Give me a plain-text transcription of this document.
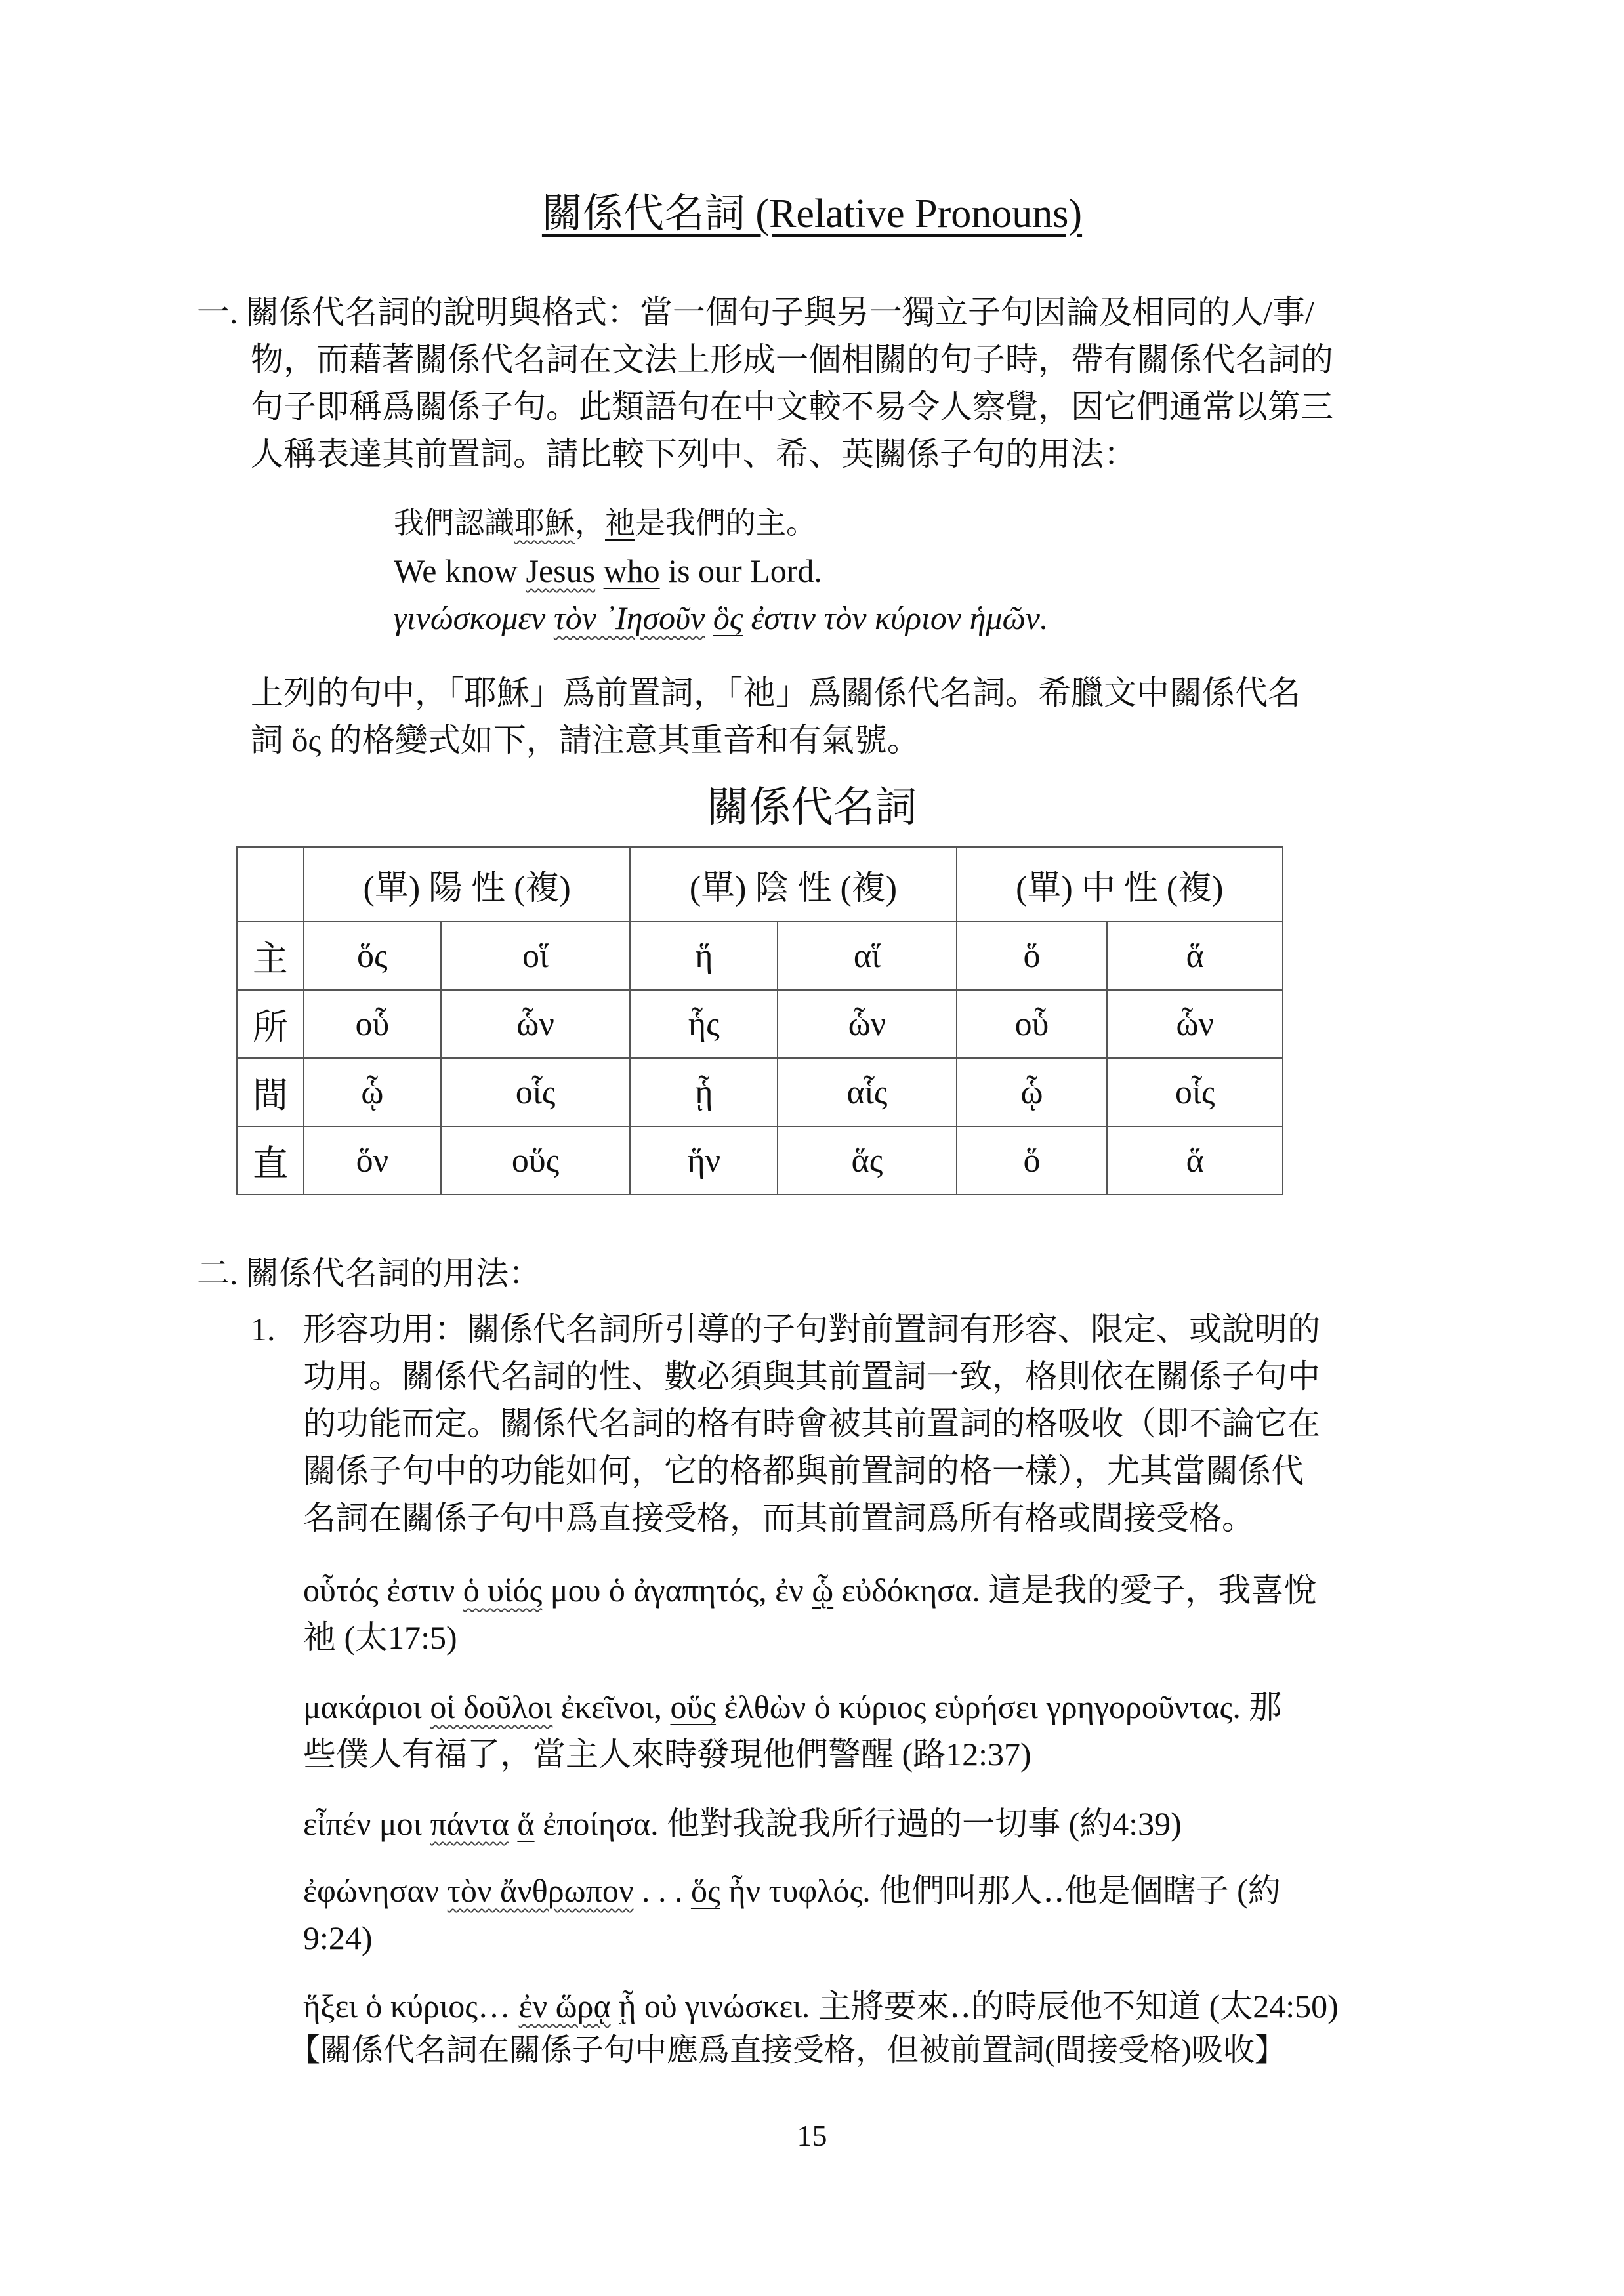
關係代名詞 (Relative Pronouns)
一. 關係代名詞的說明與格式：當一個句子與另一獨立子句因論及相同的人/事/
物，而藉著關係代名詞在文法上形成一個相關的句子時，帶有關係代名詞的
句子即稱爲關係子句。此類語句在中文較不易令人察覺，因它們通常以第三
人稱表達其前置詞。請比較下列中、希、英關係子句的用法：
我們認識耶穌，祂是我們的主。
We know Jesus who is our Lord.
γινώσκομεν τὸν ᾿Ιησοῦν ὃς ἐστιν τὸν κύριον ἡμῶν.
上列的句中，「耶穌」爲前置詞，「祂」爲關係代名詞。希臘文中關係代名
詞 ὅς 的格變式如下，請注意其重音和有氣號。
關係代名詞
	(單) 陽 性 (複)		(單) 陰 性 (複)		(單) 中 性 (複)	
主	ὅς	οἵ	ἥ	αἵ	ὅ	ἅ
所	οὗ	ὧν	ἧς	ὧν	οὗ	ὧν
間	ᾧ	οἷς	ᾗ	αἷς	ᾧ	οἷς
直	ὅν	οὕς	ἥν	ἅς	ὅ	ἅ
二. 關係代名詞的用法：
1. 形容功用：關係代名詞所引導的子句對前置詞有形容、限定、或說明的
功用。關係代名詞的性、數必須與其前置詞一致，格則依在關係子句中
的功能而定。關係代名詞的格有時會被其前置詞的格吸收（即不論它在
關係子句中的功能如何，它的格都與前置詞的格一樣），尤其當關係代
名詞在關係子句中爲直接受格，而其前置詞爲所有格或間接受格。
οὗτός ἐστιν ὁ υἱός μου ὁ ἀγαπητός, ἐν ᾧ εὐδόκησα. 這是我的愛子，我喜悅
祂 (太17:5)
μακάριοι οἱ δοῦλοι ἐκεῖνοι, οὕς ἐλθὼν ὁ κύριος εὑρήσει γρηγοροῦντας. 那
些僕人有福了，當主人來時發現他們警醒 (路12:37)
εἶπέν μοι πάντα ἅ ἐποίησα. 他對我說我所行過的一切事 (約4:39)
ἐφώνησαν τὸν ἄνθρωπον . . . ὅς ἦν τυφλός. 他們叫那人‥他是個瞎子 (約
9:24)
ἥξει ὁ κύριος… ἐν ὥρᾳ ᾗ οὐ γινώσκει. 主將要來‥的時辰他不知道 (太24:50)
【關係代名詞在關係子句中應爲直接受格，但被前置詞(間接受格)吸收】
15
